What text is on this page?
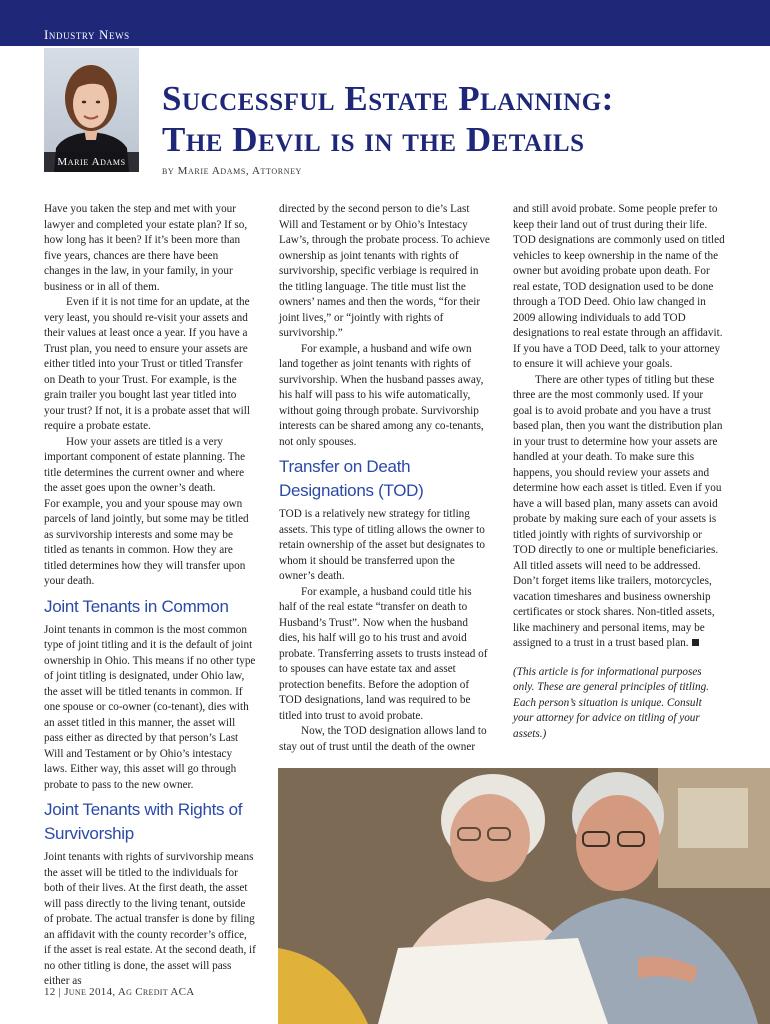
Industry News
Marie Adams
Successful Estate Planning:
The Devil is in the Details
by Marie Adams, Attorney

Have you taken the step and met with your lawyer and completed your estate plan? If so, how long has it been? If it’s been more than five years, chances are there have been changes in the law, in your family, in your business or in all of them.

Even if it is not time for an update, at the very least, you should re-visit your assets and their values at least once a year. If you have a Trust plan, you need to ensure your assets are either titled into your Trust or titled Transfer on Death to your Trust. For example, is the grain trailer you bought last year titled into your trust? If not, it is a probate asset that will require a probate estate.

How your assets are titled is a very important component of estate planning. The title determines the current owner and where the asset goes upon the owner’s death.

For example, you and your spouse may own parcels of land jointly, but some may be titled as survivorship interests and some may be titled as tenants in common. How they are titled determines how they will transfer upon your death.

Joint Tenants in Common

Joint tenants in common is the most common type of joint titling and it is the default of joint ownership in Ohio. This means if no other type of joint titling is designated, under Ohio law, the asset will be titled tenants in common. If one spouse or co-owner (co-tenant), dies with an asset titled in this manner, the asset will pass either as directed by that person’s Last Will and Testament or by Ohio’s intestacy laws. Either way, this asset will go through probate to pass to the new owner.

Joint Tenants with Rights of Survivorship

Joint tenants with rights of survivorship means the asset will be titled to the individuals for both of their lives. At the first death, the asset will pass directly to the living tenant, outside of probate. The actual transfer is done by filing an affidavit with the county recorder’s office, if the asset is real estate. At the second death, if no other titling is done, the asset will pass either as

directed by the second person to die’s Last Will and Testament or by Ohio’s Intestacy Law’s, through the probate process. To achieve ownership as joint tenants with rights of survivorship, specific verbiage is required in the titling language. The title must list the owners’ names and then the words, “for their joint lives,” or “jointly with rights of survivorship.”

For example, a husband and wife own land together as joint tenants with rights of survivorship. When the husband passes away, his half will pass to his wife automatically, without going through probate. Survivorship interests can be shared among any co-tenants, not only spouses.

Transfer on Death Designations (TOD)

TOD is a relatively new strategy for titling assets. This type of titling allows the owner to retain ownership of the asset but designates to whom it should be transferred upon the owner’s death.

For example, a husband could title his half of the real estate “transfer on death to Husband’s Trust”. Now when the husband dies, his half will go to his trust and avoid probate. Transferring assets to trusts instead of to spouses can have estate tax and asset protection benefits. Before the adoption of TOD designations, land was required to be titled into trust to avoid probate.

Now, the TOD designation allows land to stay out of trust until the death of the owner

and still avoid probate. Some people prefer to keep their land out of trust during their life. TOD designations are commonly used on titled vehicles to keep ownership in the name of the owner but avoiding probate upon death. For real estate, TOD designation used to be done through a TOD Deed. Ohio law changed in 2009 allowing individuals to add TOD designations to real estate through an affidavit. If you have a TOD Deed, talk to your attorney to ensure it will achieve your goals.

There are other types of titling but these three are the most commonly used. If your goal is to avoid probate and you have a trust based plan, then you want the distribution plan in your trust to determine how your assets are handled at your death. To make sure this happens, you should review your assets and determine how each asset is titled. Even if you have a will based plan, many assets can avoid probate by making sure each of your assets is titled jointly with rights of survivorship or TOD directly to one or multiple beneficiaries. All titled assets will need to be addressed. Don’t forget items like trailers, motorcycles, vacation timeshares and business ownership certificates or stock shares. Non-titled assets, like machinery and personal items, may be assigned to a trust in a trust based plan.

(This article is for informational purposes only. These are general principles of titling. Each person’s situation is unique. Consult your attorney for advice on titling of your assets.)

12 | June 2014, Ag Credit ACA
